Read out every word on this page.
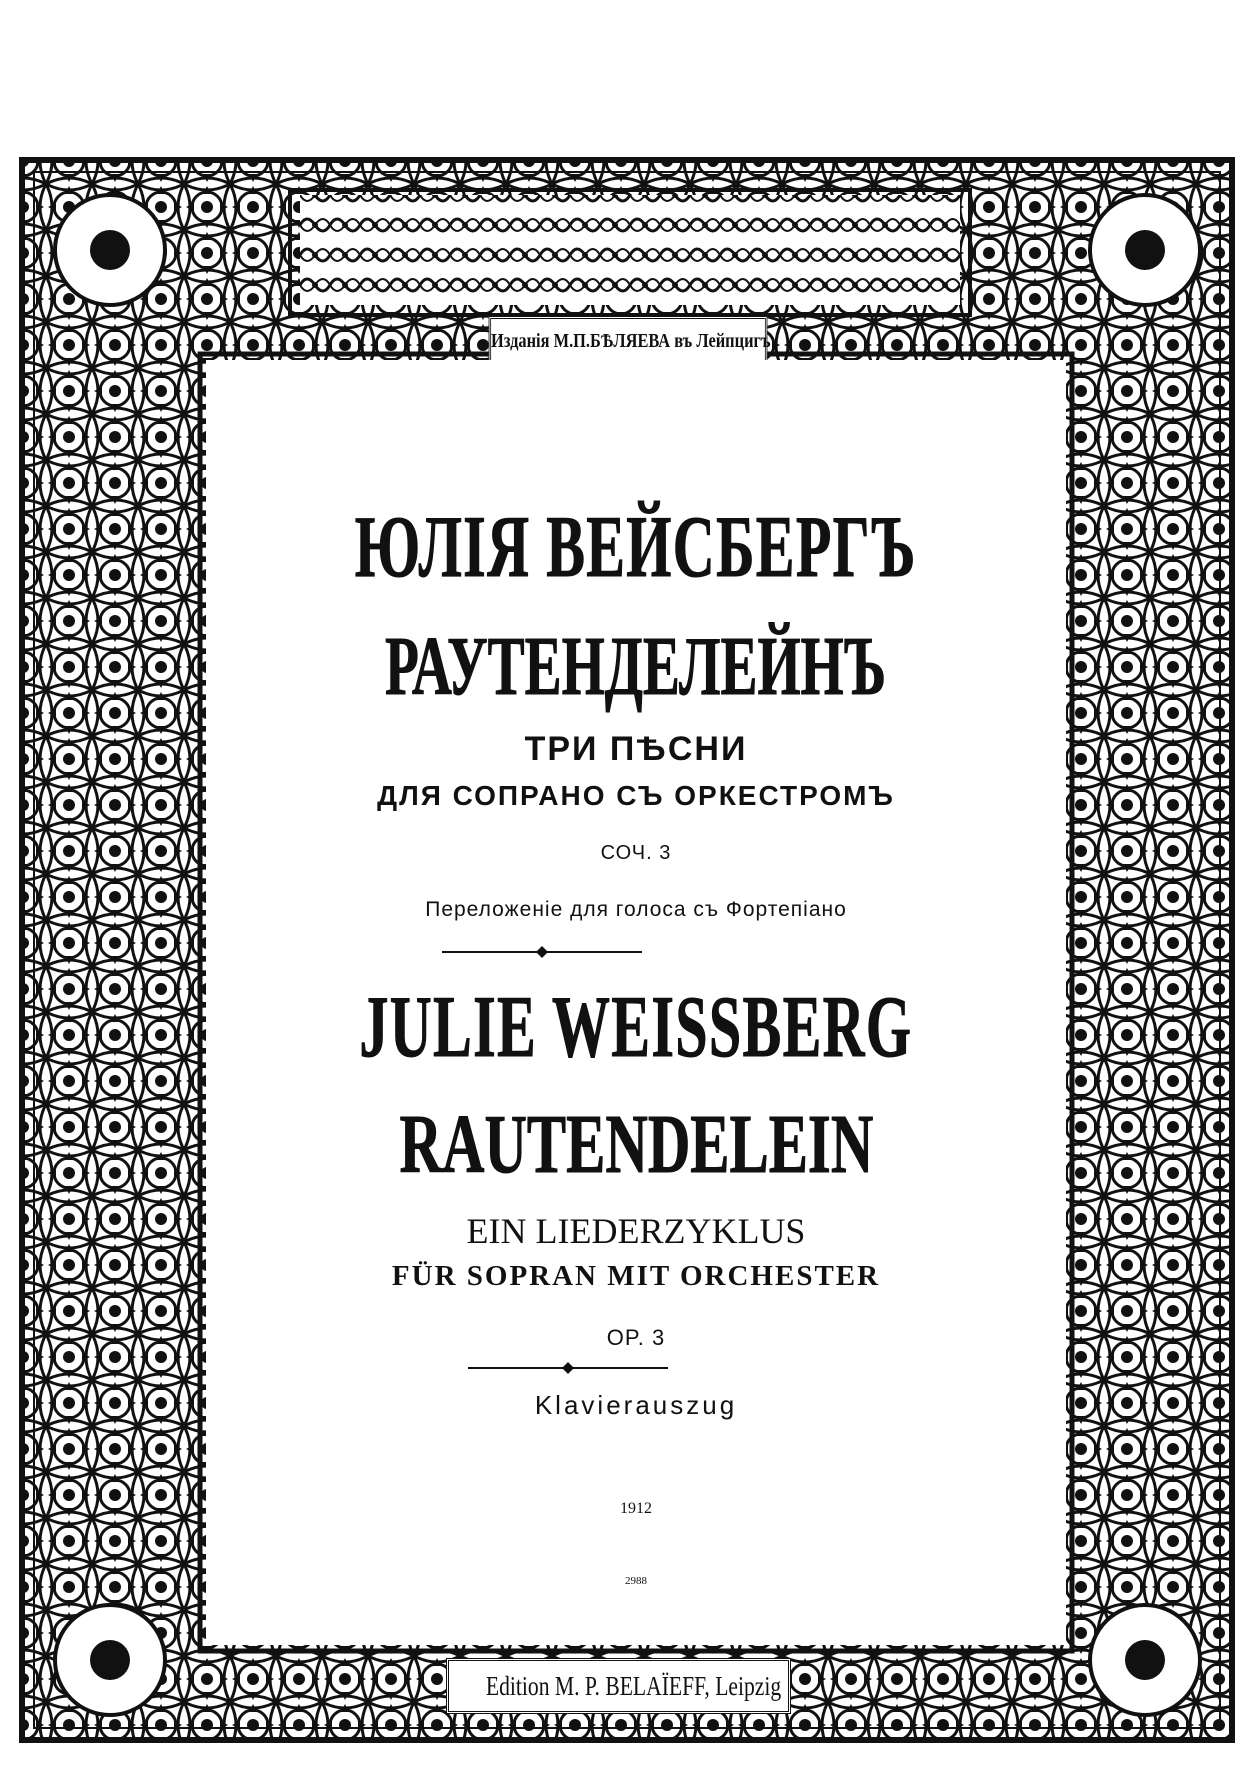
Изданiя М.П.БѢЛЯЕВА въ Лейпцигъ
ЮЛIЯ ВЕЙСБЕРГЪ
РАУТЕНДЕЛЕЙНЪ
ТРИ ПѢСНИ
ДЛЯ СОПРАНО СЪ ОРКЕСТРОМЪ
СОЧ. 3
Переложенiе для голоса съ Фортепiано
JULIE WEISSBERG
RAUTENDELEIN
EIN LIEDERZYKLUS
FÜR SOPRAN MIT ORCHESTER
OP. 3
Klavierauszug
1912
2988
Edition M. P. BELAÏEFF, Leipzig
